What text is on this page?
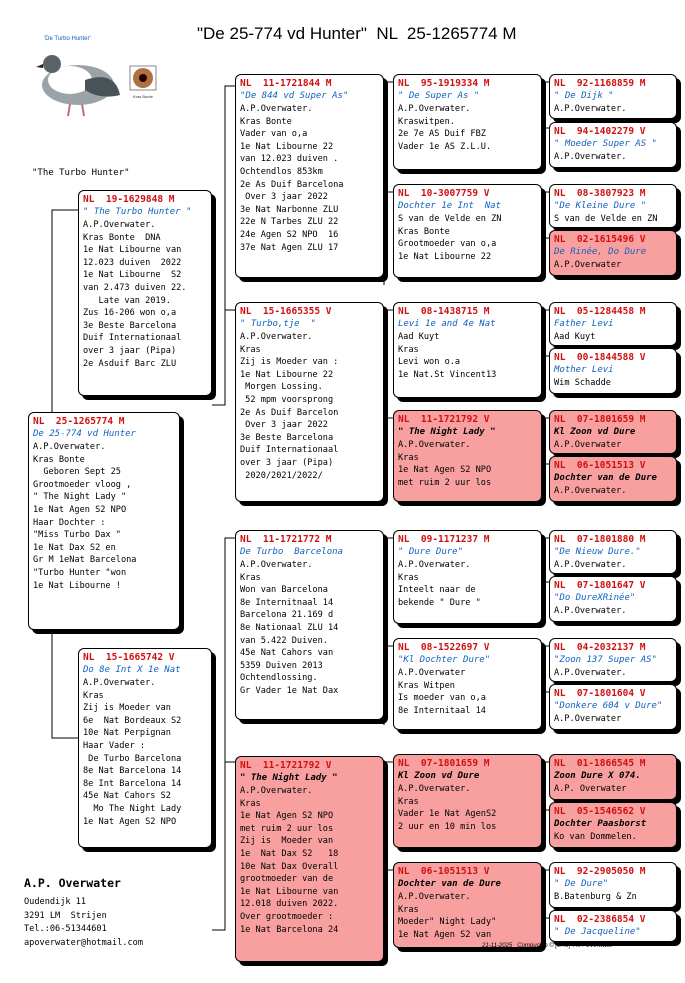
"De 25-774 vd Hunter"  NL  25-1265774 M
'De Turbo Hunter'
Kras Bonte
"The Turbo Hunter"
NL  25-1265774 M
De 25-774 vd Hunter
A.P.Overwater.
Kras Bonte
Geboren Sept 25
Grootmoeder vloog ,
" The Night Lady "
1e Nat Agen S2 NPO
Haar Dochter :
"Miss Turbo Dax "
1e Nat Dax S2 en
Gr M 1eNat Barcelona
"Turbo Hunter "won
1e Nat Libourne !
NL  19-1629848 M
" The Turbo Hunter "
A.P.Overwater.
Kras Bonte  DNA
1e Nat Libourne van
12.023 duiven  2022
1e Nat Libourne  S2
van 2.473 duiven 22.
Late van 2019.
Zus 16-206 won o,a
3e Beste Barcelona
Duif Internationaal
over 3 jaar (Pipa)
2e Asduif Barc ZLU
NL  15-1665742 V
Do 8e Int X 1e Nat
A.P.Overwater.
Kras
Zij is Moeder van
6e  Nat Bordeaux S2
10e Nat Perpignan
Haar Vader :
De Turbo Barcelona
8e Nat Barcelona 14
8e Int Barcelona 14
45e Nat Cahors S2
Mo The Night Lady
1e Nat Agen S2 NPO
NL  11-1721844 M
"De 844 vd Super As"
A.P.Overwater.
Kras Bonte
Vader van o,a
1e Nat Libourne 22
van 12.023 duiven .
Ochtendlos 853km
2e As Duif Barcelona
Over 3 jaar 2022
3e Nat Narbonne ZLU
22e N Tarbes ZLU 22
24e Agen S2 NPO  16
37e Nat Agen ZLU 17
NL  15-1665355 V
" Turbo,tje  "
A.P.Overwater.
Kras
Zij is Moeder van :
1e Nat Libourne 22
Morgen Lossing.
52 mpm voorsprong
2e As Duif Barcelon
Over 3 jaar 2022
3e Beste Barcelona
Duif Internationaal
over 3 jaar (Pipa)
2020/2021/2022/
NL  11-1721772 M
De Turbo  Barcelona
A.P.Overwater.
Kras
Won van Barcelona
8e Internitnaal 14
Barcelona 21.169 d
8e Nationaal ZLU 14
van 5.422 Duiven.
45e Nat Cahors van
5359 Duiven 2013
Ochtendlossing.
Gr Vader 1e Nat Dax
NL  11-1721792 V
" The Night Lady "
A.P.Overwater.
Kras
1e Nat Agen S2 NPO
met ruim 2 uur los
Zij is  Moeder van
1e  Nat Dax S2   18
10e Nat Dax Overall
grootmoeder van de
1e Nat Libourne van
12.018 duiven 2022.
Over grootmoeder :
1e Nat Barcelona 24
NL  95-1919334 M
" De Super As "
A.P.Overwater.
Kraswitpen.
2e 7e AS Duif FBZ
Vader 1e AS Z.L.U.
NL  10-3007759 V
Dochter 1e Int  Nat
S van de Velde en ZN
Kras Bonte
Grootmoeder van o,a
1e Nat Libourne 22
NL  08-1438715 M
Levi 1e and 4e Nat
Aad Kuyt
Kras
Levi won o.a
1e Nat.St Vincent13
NL  11-1721792 V
" The Night Lady "
A.P.Overwater.
Kras
1e Nat Agen S2 NPO
met ruim 2 uur los
NL  09-1171237 M
" Dure Dure"
A.P.Overwater.
Kras
Inteelt naar de
bekende " Dure "
NL  08-1522697 V
"Kl Dochter Dure"
A.P.Overwater
Kras Witpen
Is moeder van o,a
8e Internitaal 14
NL  07-1801659 M
Kl Zoon vd Dure
A.P.Overwater.
Kras
Vader 1e Nat AgenS2
2 uur en 10 min los
NL  06-1051513 V
Dochter van de Dure
A.P.Overwater.
Kras
Moeder" Night Lady"
1e Nat Agen S2 van
NL  92-1168859 M
" De Dijk "
A.P.Overwater.
NL  94-1402279 V
" Moeder Super AS "
A.P.Overwater.
NL  08-3807923 M
"De Kleine Dure "
S van de Velde en ZN
NL  02-1615496 V
De Rinée, Do Dure
A.P.Overwater
NL  05-1284458 M
Father Levi
Aad Kuyt
NL  00-1844588 V
Mother Levi
Wim Schadde
NL  07-1801659 M
Kl Zoon vd Dure
A.P.Overwater
NL  06-1051513 V
Dochter van de Dure
A.P.Overwater.
NL  07-1801880 M
"De Nieuw Dure."
A.P.Overwater.
NL  07-1801647 V
"Do DureXRinée"
A.P.Overwater.
NL  04-2032137 M
"Zoon 137 Super AS"
A.P.Overwater.
NL  07-1801604 V
"Donkere 604 v Dure"
A.P.Overwater
NL  01-1866545 M
Zoon Dure X 074.
A.P. Overwater
NL  05-1546562 V
Dochter Paasborst
Ko van Dommelen.
NL  92-2905050 M
" De Dure"
B.Batenburg & Zn
NL  02-2386854 V
" De Jacqueline"
A.P. Overwater
Oudendijk 11
3291 LM  Strijen
Tel.:06-51344601
apoverwater@hotmail.com	21-11-2025   Compuclub © [9.49]  A.P. Overwater
